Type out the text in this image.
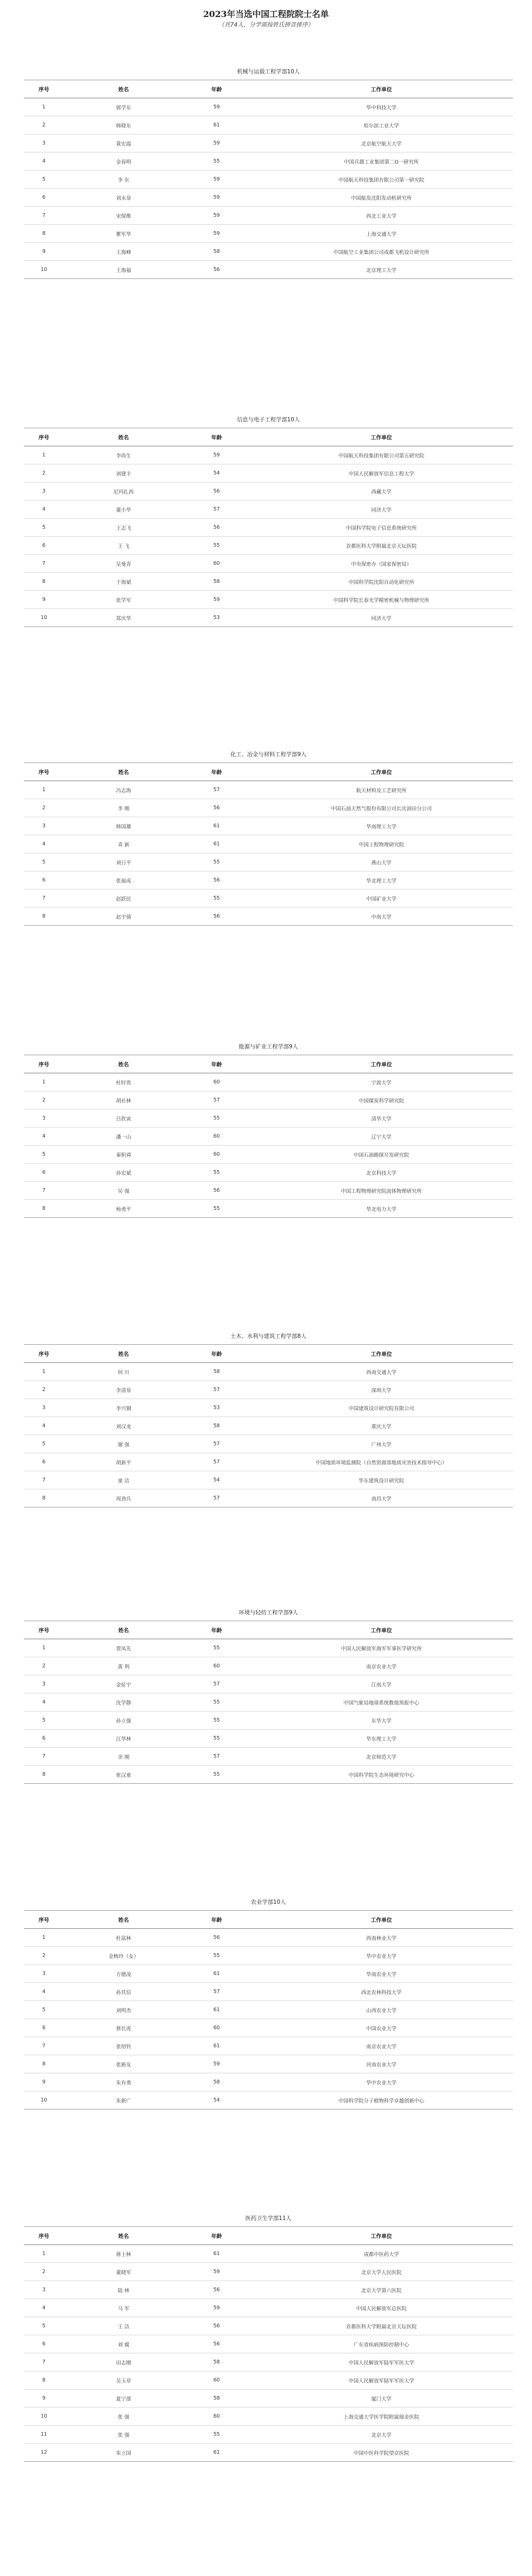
2023年当选中国工程院院士名单
（共74人，分学部按姓氏拼音排序）
机械与运载工程学部10人
序号	姓名	年龄	工作单位
1	郭学东	59	华中科技大学
2	韩晓东	61	哈尔滨工业大学
3	黄宏霞	59	北京航空航天大学
4	金春明	55	中国兵器工业集团第二O一研究所
5	李 东	59	中国航天科技集团有限公司第一研究院
6	刘永泉	59	中国航发沈阳发动机研究所
7	宋保维	59	西北工业大学
8	瞿军华	59	上海交通大学
9	王海峰	58	中国航空工业集团公司成都飞机设计研究所
10	王海福	56	北京理工大学
信息与电子工程学部10人
序号	姓名	年龄	工作单位
1	李尚生	59	中国航天科技集团有限公司第五研究院
2	刘建丰	54	中国人民解放军信息工程大学
3	尼玛扎西	56	西藏大学
4	董小华	57	同济大学
5	王志飞	56	中国科学院电子信息系统研究所
6	王 飞	55	首都医科大学附属北京天坛医院
7	吴曼青	60	中央保密办（国家保密局）
8	于海斌	58	中国科学院沈阳自动化研究所
9	张学军	59	中国科学院长春光学精密机械与物理研究所
10	郑庆华	53	同济大学
化工、冶金与材料工程学部9人
序号	姓名	年龄	工作单位
1	冯志海	57	航天材料及工艺研究所
2	李 刚	56	中国石油天然气股份有限公司长庆油田分公司
3	韩国雄	61	华南理工大学
4	青 新	61	中国工程物理研究院
5	刘日平	55	燕山大学
6	张福成	56	华北理工大学
7	赵跃民	55	中国矿业大学
8	赵宇倩	56	中南大学
能源与矿业工程学部9人
序号	姓名	年龄	工作单位
1	杜时贵	60	宁波大学
2	胡社林	57	中国煤炭科学研究院
3	吕欣寅	55	清华大学
4	潘一山	60	辽宁大学
5	秦积舜	60	中国石油勘探开发研究院
6	孙宏斌	55	北京科技大学
7	吴 强	56	中国工程物理研究院流体物理研究所
8	杨勇平	55	华北电力大学
土木、水利与建筑工程学部8人
序号	姓名	年龄	工作单位
1	何 川	58	西南交通大学
2	李清泉	57	深圳大学
3	李兴钢	53	中国建筑设计研究院有限公司
4	刘汉龙	58	重庆大学
5	谢 强	57	广州大学
6	胡新平	57	中国地质环境监测院（自然资源部地质灾害技术指导中心）
7	童 洁	54	华东建筑设计研究院
8	周劲兵	57	南昌大学
环境与轻纺工程学部9人
序号	姓名	年龄	工作单位
1	贾凤先	55	中国人民解放军海军军事医学研究所
2	黄 利	60	南京农业大学
3	金征宇	57	江南大学
4	沈学静	55	中国气象局地球系统数值预报中心
5	孙立强	55	东华大学
6	汪华林	55	华东理工大学
7	余 刚	57	北京师范大学
8	崔汉童	55	中国科学院生态环境研究中心
农业学部10人
序号	姓名	年龄	工作单位
1	杜富林	56	西南林业大学
2	金梅玲（女）	55	华中农业大学
3	方德凌	61	华南农业大学
4	孙其信	57	西北农林科技大学
5	刘明杰	61	山西农业大学
6	蔡长虎	60	中国农业大学
7	张绍铃	61	南京农业大学
8	张新友	59	河南农业大学
9	朱有勇	58	华中农业大学
10	朱新广	54	中国科学院分子植物科学卓越创新中心
医药卫生学部11人
序号	姓名	年龄	工作单位
1	蒋士林	61	成都中医药大学
2	董晓军	59	北京大学人民医院
3	陆 林	56	北京大学第六医院
4	马 军	59	中国人民解放军总医院
5	王 洁	56	首都医科大学附属北京天坛医院
6	刘 媛	56	广东省疾病预防控制中心
7	田志刚	58	中国人民解放军陆军军医大学
8	吴玉章	60	中国人民解放军陆军军医大学
9	夏宁邵	58	厦门大学
10	张 强	60	上海交通大学医学院附属瑞金医院
11	张 强	55	北京大学
12	朱立国	61	中国中医科学院望京医院
